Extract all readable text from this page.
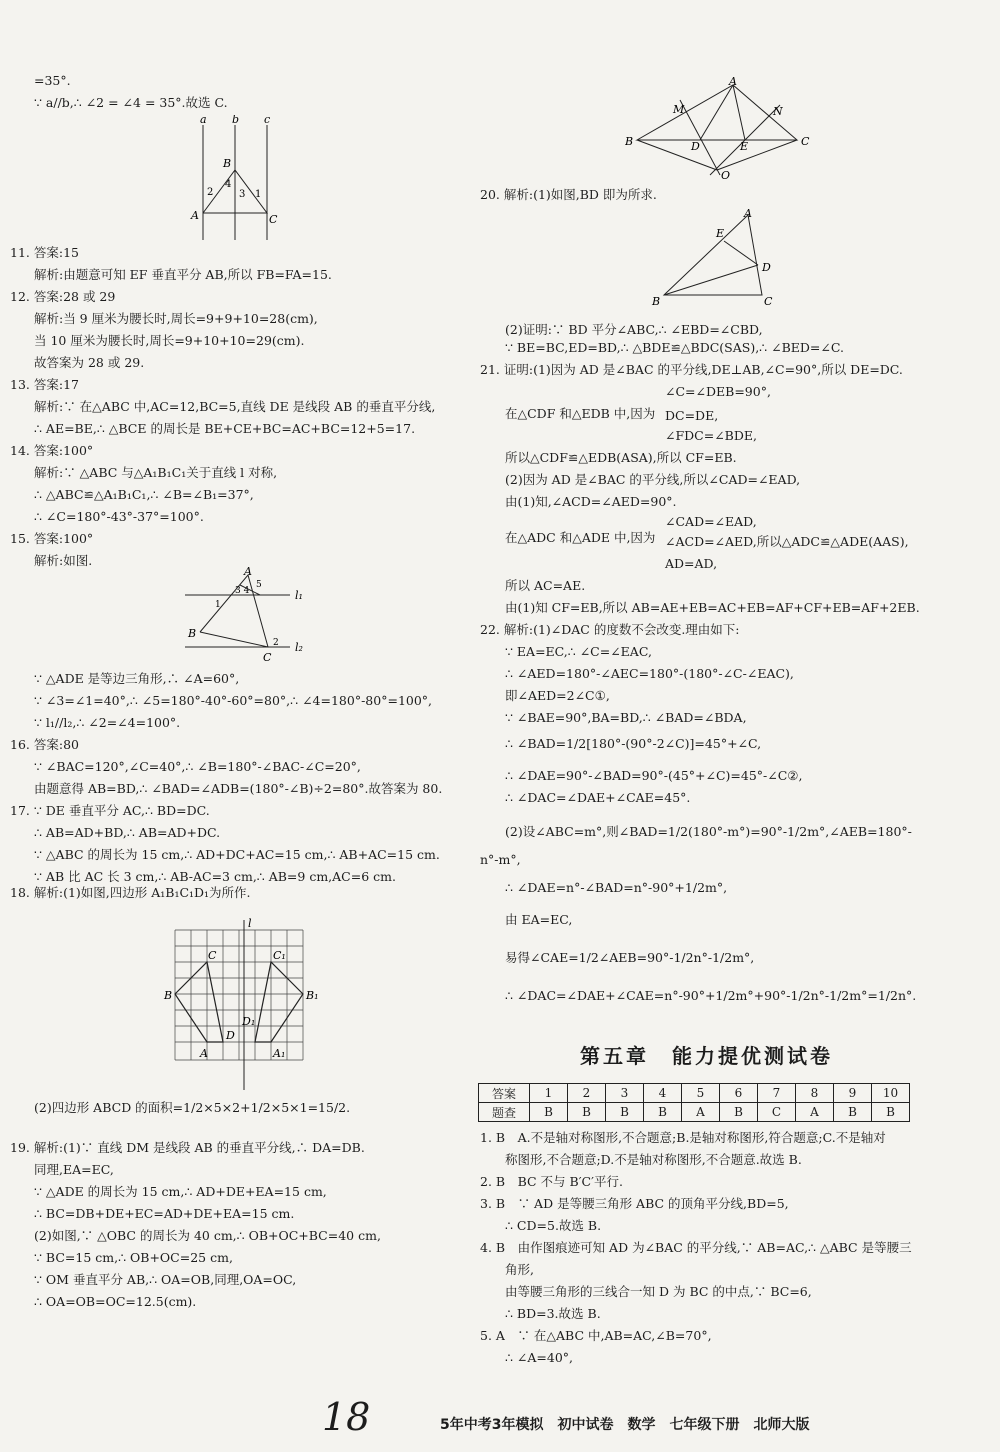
=35°.
∵ a//b,∴ ∠2 = ∠4 = 35°.故选 C.
11. 答案:15
解析:由题意可知 EF 垂直平分 AB,所以 FB=FA=15.
12. 答案:28 或 29
解析:当 9 厘米为腰长时,周长=9+9+10=28(cm),
当 10 厘米为腰长时,周长=9+10+10=29(cm).
故答案为 28 或 29.
13. 答案:17
解析:∵ 在△ABC 中,AC=12,BC=5,直线 DE 是线段 AB 的垂直平分线,
∴ AE=BE,∴ △BCE 的周长是 BE+CE+BC=AC+BC=12+5=17.
14. 答案:100°
解析:∵ △ABC 与△A₁B₁C₁关于直线 l 对称,
∴ △ABC≌△A₁B₁C₁,∴ ∠B=∠B₁=37°,
∴ ∠C=180°-43°-37°=100°.
15. 答案:100°
解析:如图.
∵ △ADE 是等边三角形,∴ ∠A=60°,
∵ ∠3=∠1=40°,∴ ∠5=180°-40°-60°=80°,∴ ∠4=180°-80°=100°,
∵ l₁//l₂,∴ ∠2=∠4=100°.
16. 答案:80
∵ ∠BAC=120°,∠C=40°,∴ ∠B=180°-∠BAC-∠C=20°,
由题意得 AB=BD,∴ ∠BAD=∠ADB=(180°-∠B)÷2=80°.故答案为 80.
17. ∵ DE 垂直平分 AC,∴ BD=DC.
∴ AB=AD+BD,∴ AB=AD+DC.
∵ △ABC 的周长为 15 cm,∴ AD+DC+AC=15 cm,∴ AB+AC=15 cm.
∵ AB 比 AC 长 3 cm,∴ AB-AC=3 cm,∴ AB=9 cm,AC=6 cm.
18. 解析:(1)如图,四边形 A₁B₁C₁D₁为所作.
(2)四边形 ABCD 的面积=1/2×5×2+1/2×5×1=15/2.
19. 解析:(1)∵ 直线 DM 是线段 AB 的垂直平分线,∴ DA=DB.
同理,EA=EC,
∵ △ADE 的周长为 15 cm,∴ AD+DE+EA=15 cm,
∴ BC=DB+DE+EC=AD+DE+EA=15 cm.
(2)如图,∵ △OBC 的周长为 40 cm,∴ OB+OC+BC=40 cm,
∵ BC=15 cm,∴ OB+OC=25 cm,
∵ OM 垂直平分 AB,∴ OA=OB,同理,OA=OC,
∴ OA=OB=OC=12.5(cm).
20. 解析:(1)如图,BD 即为所求.
(2)证明:∵ BD 平分∠ABC,∴ ∠EBD=∠CBD,
∵ BE=BC,ED=BD,∴ △BDE≌△BDC(SAS),∴ ∠BED=∠C.
21. 证明:(1)因为 AD 是∠BAC 的平分线,DE⊥AB,∠C=90°,所以 DE=DC.
∠C=∠DEB=90°,
在△CDF 和△EDB 中,因为 DC=DE,
∠FDC=∠BDE,
所以△CDF≌△EDB(ASA),所以 CF=EB.
(2)因为 AD 是∠BAC 的平分线,所以∠CAD=∠EAD,
由(1)知,∠ACD=∠AED=90°.
∠CAD=∠EAD,
在△ADC 和△ADE 中,因为 ∠ACD=∠AED,所以△ADC≌△ADE(AAS),
AD=AD,
所以 AC=AE.
由(1)知 CF=EB,所以 AB=AE+EB=AC+EB=AF+CF+EB=AF+2EB.
22. 解析:(1)∠DAC 的度数不会改变.理由如下:
∵ EA=EC,∴ ∠C=∠EAC,
∴ ∠AED=180°-∠AEC=180°-(180°-∠C-∠EAC),
即∠AED=2∠C①,
∵ ∠BAE=90°,BA=BD,∴ ∠BAD=∠BDA,
∴ ∠BAD=1/2[180°-(90°-2∠C)]=45°+∠C,
∴ ∠DAE=90°-∠BAD=90°-(45°+∠C)=45°-∠C②,
∴ ∠DAC=∠DAE+∠CAE=45°.
(2)设∠ABC=m°,则∠BAD=1/2(180°-m°)=90°-1/2m°,∠AEB=180°-
n°-m°,
∴ ∠DAE=n°-∠BAD=n°-90°+1/2m°,
由 EA=EC,
易得∠CAE=1/2∠AEB=90°-1/2n°-1/2m°,
∴ ∠DAC=∠DAE+∠CAE=n°-90°+1/2m°+90°-1/2n°-1/2m°=1/2n°.
a b c
B
A	C
2
4
3 1
A
B
C
l₁
l₂
1
2
3 4
5
l
B
C
A
D
C₁
B₁
A₁
D₁
A
B	C
M	N
D	E
O
A
B	C
D
E
第五章　能力提优测试卷
答案	1	2	3	4	5	6	7	8	9	10
题查	B	B	B	B	A	B	C	A	B	B
1. B　A.不是轴对称图形,不合题意;B.是轴对称图形,符合题意;C.不是轴对
称图形,不合题意;D.不是轴对称图形,不合题意.故选 B.
2. B　BC 不与 B′C′平行.
3. B　∵ AD 是等腰三角形 ABC 的顶角平分线,BD=5,
∴ CD=5.故选 B.
4. B　由作图痕迹可知 AD 为∠BAC 的平分线,∵ AB=AC,∴ △ABC 是等腰三
角形,
由等腰三角形的三线合一知 D 为 BC 的中点,∵ BC=6,
∴ BD=3.故选 B.
5. A　∵ 在△ABC 中,AB=AC,∠B=70°,
∴ ∠A=40°,
5年中考3年模拟　初中试卷　数学　七年级下册　北师大版
18
